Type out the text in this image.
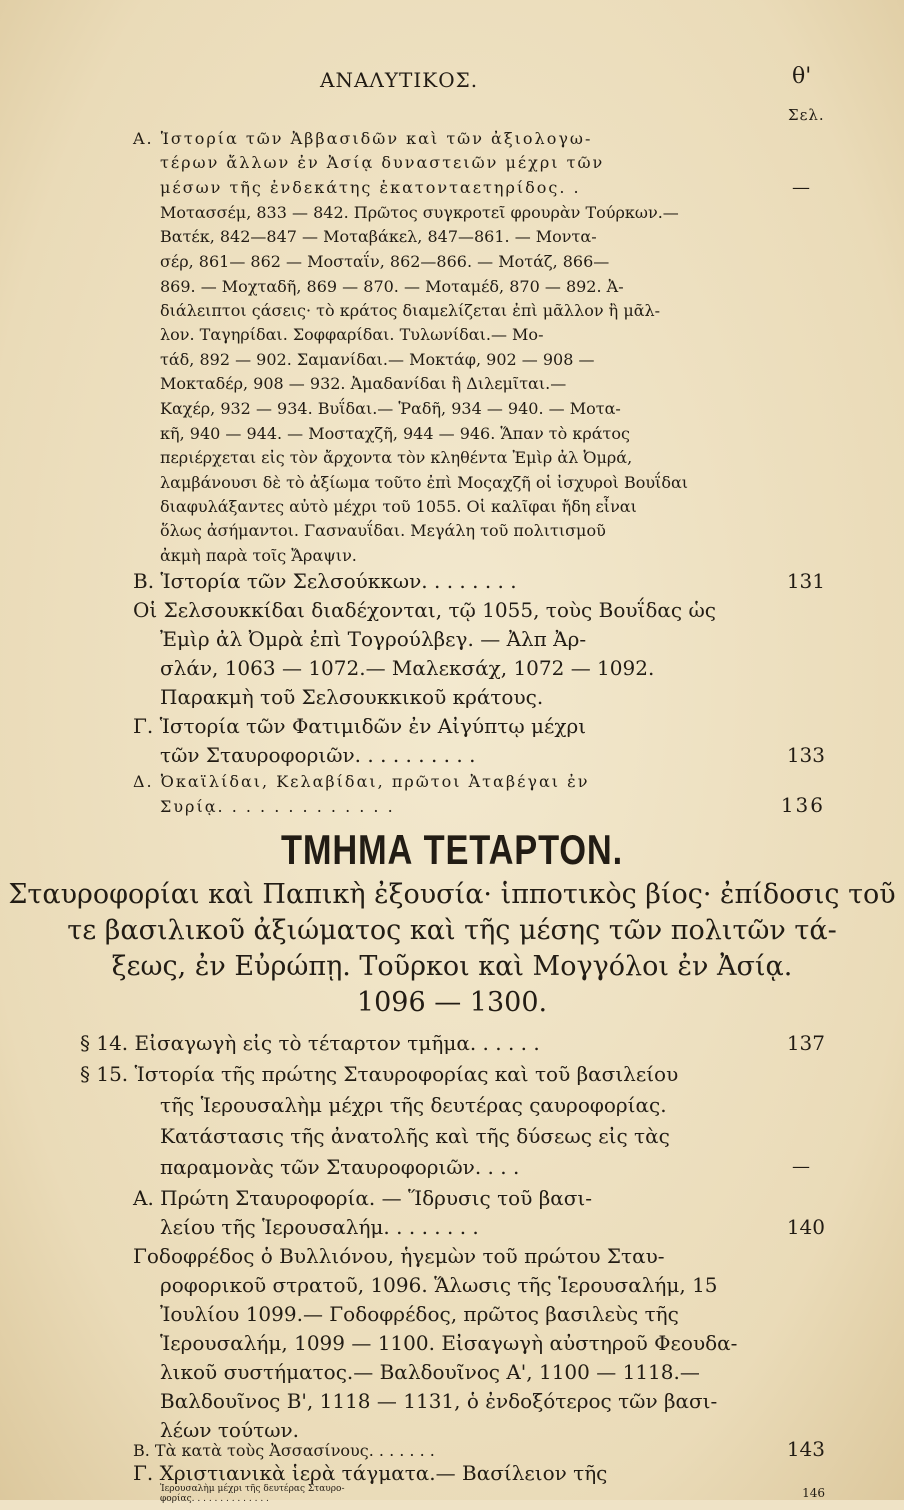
ΑΝΑΛΥΤΙΚΟΣ.	θ'
Σελ.
Α. Ἱστορία τῶν Ἀββασιδῶν καὶ τῶν ἀξιολογω-
τέρων ἄλλων ἐν Ἀσίᾳ δυναστειῶν μέχρι τῶν
μέσων τῆς ἐνδεκάτης ἑκατονταετηρίδος. .	—
Μοτασσέμ, 833 — 842. Πρῶτος συγκροτεῖ φρουρὰν Τούρκων.—
Βατέκ, 842—847 — Μοταβάκελ, 847—861. — Μοντα-
σέρ, 861— 862 — Μοσταΐν, 862—866. — Μοτάζ, 866—
869. — Μοχταδῆ, 869 — 870. — Μοταμέδ, 870 — 892. Ἀ-
διάλειπτοι ςάσεις· τὸ κράτος διαμελίζεται ἐπὶ μᾶλλον ἢ μᾶλ-
λον. Ταγηρίδαι. Σοφφαρίδαι. Τυλωνίδαι.— Μο-
τάδ, 892 — 902. Σαμανίδαι.— Μοκτάφ, 902 — 908 —
Μοκταδέρ, 908 — 932. Ἀμαδανίδαι ἢ Διλεμῖται.—
Καχέρ, 932 — 934. Βυΐδαι.— Ῥαδῆ, 934 — 940. — Μοτα-
κῆ, 940 — 944. — Μοσταχζῆ, 944 — 946. Ἅπαν τὸ κράτος
περιέρχεται εἰς τὸν ἄρχοντα τὸν κληθέντα Ἐμὶρ ἀλ Ὀμρά,
λαμβάνουσι δὲ τὸ ἀξίωμα τοῦτο ἐπὶ Μοςαχζῆ οἱ ἰσχυροὶ Βουΐδαι
διαφυλάξαντες αὐτὸ μέχρι τοῦ 1055. Οἱ καλῖφαι ἤδη εἶναι
ὅλως ἀσήμαντοι. Γασναυΐδαι. Μεγάλη τοῦ πολιτισμοῦ
ἀκμὴ παρὰ τοῖς Ἄραψιν.
Β. Ἱστορία τῶν Σελσούκκων. . . . . . . .	131
Οἱ Σελσουκκίδαι διαδέχονται, τῷ 1055, τοὺς Βουΐδας ὡς
Ἐμὶρ ἀλ Ὀμρὰ ἐπὶ Τογρούλβεγ. — Ἀλπ Ἀρ-
σλάν, 1063 — 1072.— Μαλεκσάχ, 1072 — 1092.
Παρακμὴ τοῦ Σελσουκκικοῦ κράτους.
Γ. Ἱστορία τῶν Φατιμιδῶν ἐν Αἰγύπτῳ μέχρι
τῶν Σταυροφοριῶν. . . . . . . . . .	133
Δ. Ὀκαϊλίδαι, Κελαβίδαι, πρῶτοι Ἀταβέγαι ἐν
Συρίᾳ. . . . . . . . . . . . .	136
ΤΜΗΜΑ ΤΕΤΑΡΤΟΝ.
Σταυροφορίαι καὶ Παπικὴ ἐξουσία· ἱπποτικὸς βίος· ἐπίδοσις τοῦ
τε βασιλικοῦ ἀξιώματος καὶ τῆς μέσης τῶν πολιτῶν τά-
ξεως, ἐν Εὐρώπῃ. Τοῦρκοι καὶ Μογγόλοι ἐν Ἀσίᾳ.
1096 — 1300.
§ 14. Εἰσαγωγὴ εἰς τὸ τέταρτον τμῆμα. . . . . .	137
§ 15. Ἱστορία τῆς πρώτης Σταυροφορίας καὶ τοῦ βασιλείου
τῆς Ἱερουσαλὴμ μέχρι τῆς δευτέρας ςαυροφορίας.
Κατάστασις τῆς ἀνατολῆς καὶ τῆς δύσεως εἰς τὰς
παραμονὰς τῶν Σταυροφοριῶν. . . .	—
Α. Πρώτη Σταυροφορία. — Ἵδρυσις τοῦ βασι-
λείου τῆς Ἱερουσαλήμ. . . . . . . .	140
Γοδοφρέδος ὁ Βυλλιόνου, ἡγεμὼν τοῦ πρώτου Σταυ-
ροφορικοῦ στρατοῦ, 1096. Ἅλωσις τῆς Ἱερουσαλήμ, 15
Ἰουλίου 1099.— Γοδοφρέδος, πρῶτος βασιλεὺς τῆς
Ἱερουσαλήμ, 1099 — 1100. Εἰσαγωγὴ αὐστηροῦ Φεουδα-
λικοῦ συστήματος.— Βαλδουῖνος Α', 1100 — 1118.—
Βαλδουῖνος Β', 1118 — 1131, ὁ ἐνδοξότερος τῶν βασι-
λέων τούτων.
Β. Τὰ κατὰ τοὺς Ἀσσασίνους. . . . . . .	143
Γ. Χριστιανικὰ ἱερὰ τάγματα.— Βασίλειον τῆς
Ἱερουσαλὴμ μέχρι τῆς δευτέρας Σταυρο-
φορίας. . . . . . . . . . . . . .	146
